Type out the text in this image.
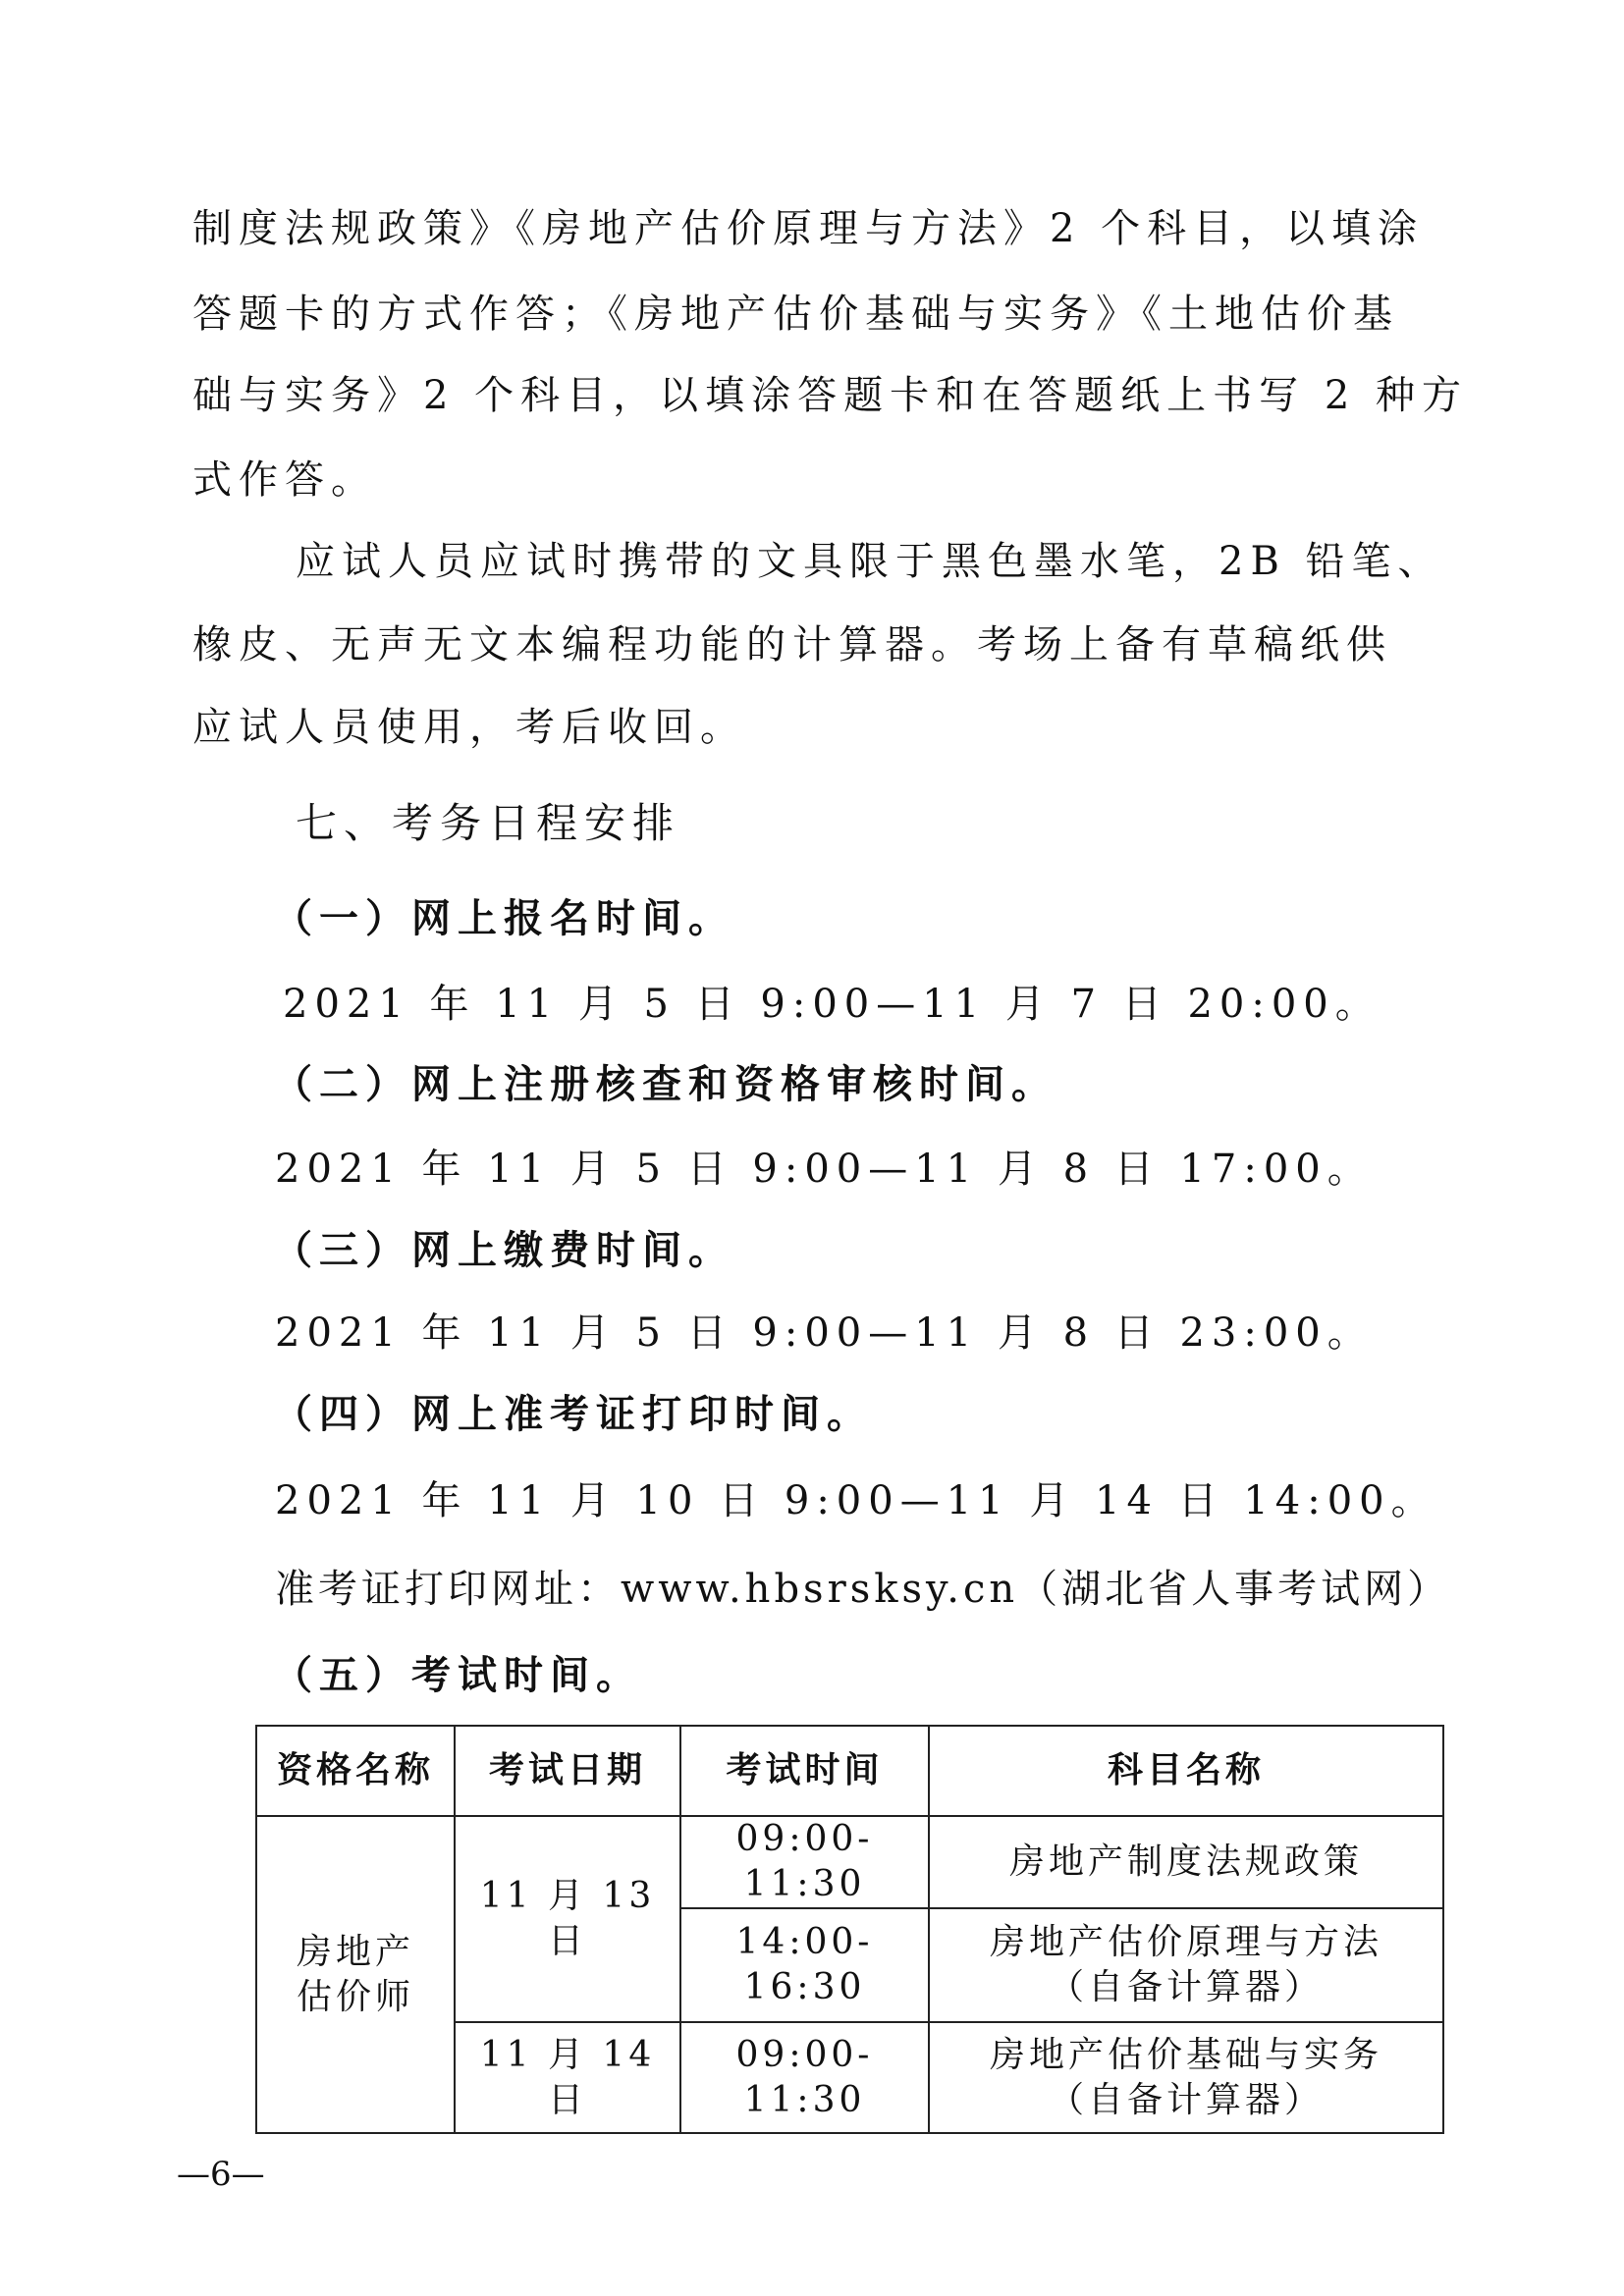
制度法规政策》《房地产估价原理与方法》2 个科目，以填涂
答题卡的方式作答；《房地产估价基础与实务》《土地估价基
础与实务》2 个科目，以填涂答题卡和在答题纸上书写 2 种方
式作答。
应试人员应试时携带的文具限于黑色墨水笔，2B 铅笔、
橡皮、无声无文本编程功能的计算器。考场上备有草稿纸供
应试人员使用，考后收回。
七、考务日程安排
（一）网上报名时间。
2021 年 11 月 5 日 9:00—11 月 7 日 20:00。
（二）网上注册核查和资格审核时间。
2021 年 11 月 5 日 9:00—11 月 8 日 17:00。
（三）网上缴费时间。
2021 年 11 月 5 日 9:00—11 月 8 日 23:00。
（四）网上准考证打印时间。
2021 年 11 月 10 日 9:00—11 月 14 日 14:00。
准考证打印网址：www.hbsrsksy.cn（湖北省人事考试网）
（五）考试时间。
资格名称	考试日期	考试时间	科目名称

房地产
估价师	11 月 13 日	09:00-11:30	房地产制度法规政策
		14:00-16:30	房地产估价原理与方法
（自备计算器）

	11 月 14 日	09:00-11:30	房地产估价基础与实务
（自备计算器）
—6—
